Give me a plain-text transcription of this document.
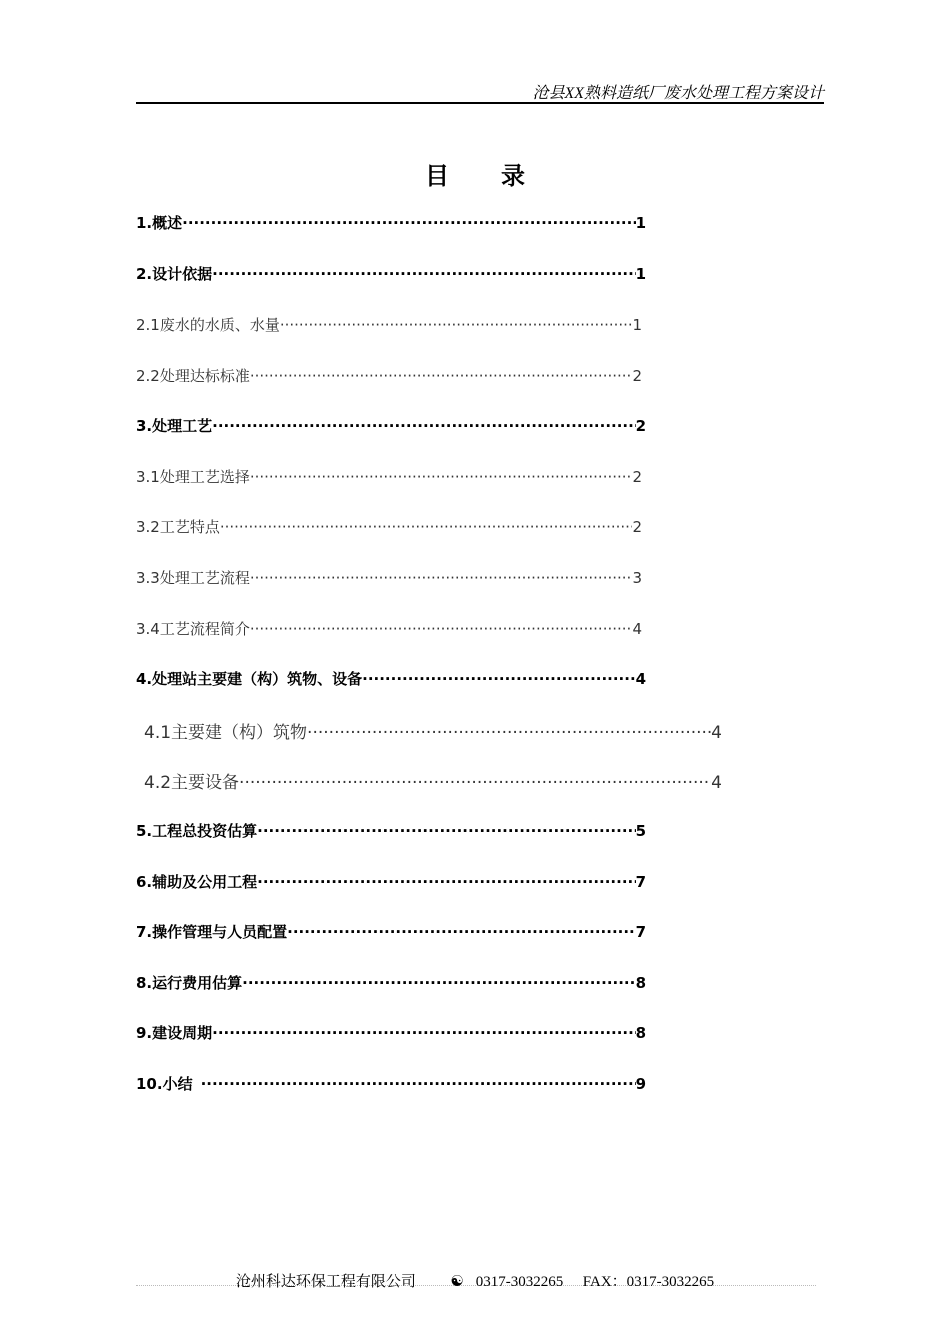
沧县XX熟料造纸厂废水处理工程方案设计
目录
1.概述 ·····	1
2.设计依据 ·····	1
2.1废水的水质、水量 ·····	1
2.2处理达标标准 ·····	2
3.处理工艺 ·····	2
3.1处理工艺选择 ·····	2
3.2工艺特点 ·····	2
3.3处理工艺流程 ·····	3
3.4工艺流程简介 ·····	4
4.处理站主要建（构）筑物、设备 ·····	4
4.1主要建（构）筑物 ·····	4
4.2主要设备 ·····	4
5.工程总投资估算 ·····	5
6.辅助及公用工程 ·····	7
7.操作管理与人员配置 ·····	7
8.运行费用估算 ·····	8
9.建设周期 ·····	8
10.小结 ·····	9
沧州科达环保工程有限公司 ☯ 0317-3032265 FAX：0317-3032265
